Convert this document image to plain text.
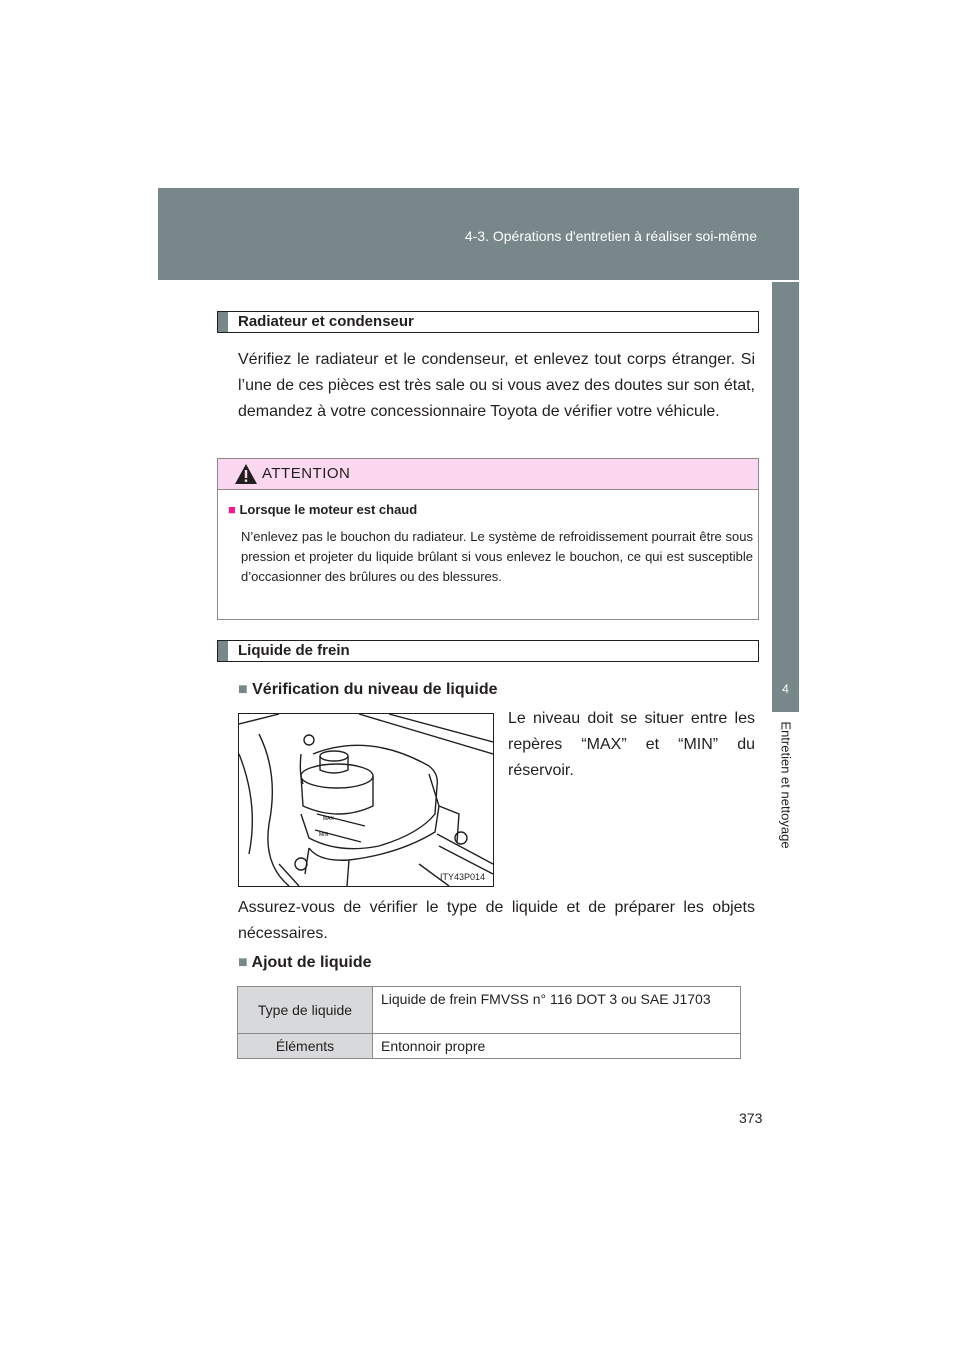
4-3. Opérations d'entretien à réaliser soi-même
4
Entretien et nettoyage
Radiateur et condenseur

Vérifiez le radiateur et le condenseur, et enlevez tout corps étranger. Si l’une de ces pièces est très sale ou si vous avez des doutes sur son état, demandez à votre concessionnaire Toyota de vérifier votre véhicule.

ATTENTION
■ Lorsque le moteur est chaud

N’enlevez pas le bouchon du radiateur. Le système de refroidissement pourrait être sous pression et projeter du liquide brûlant si vous enlevez le bouchon, ce qui est susceptible d’occasionner des brûlures ou des blessures.

Liquide de frein
■ Vérification du niveau de liquide
MAX
MIN
ITY43P014

Le niveau doit se situer entre les repères “MAX” et “MIN” du réservoir.

Assurez-vous de vérifier le type de liquide et de préparer les objets nécessaires.

■ Ajout de liquide
Type de liquide	Liquide de frein FMVSS n° 116 DOT 3 ou SAE J1703
Éléments	Entonnoir propre
373
